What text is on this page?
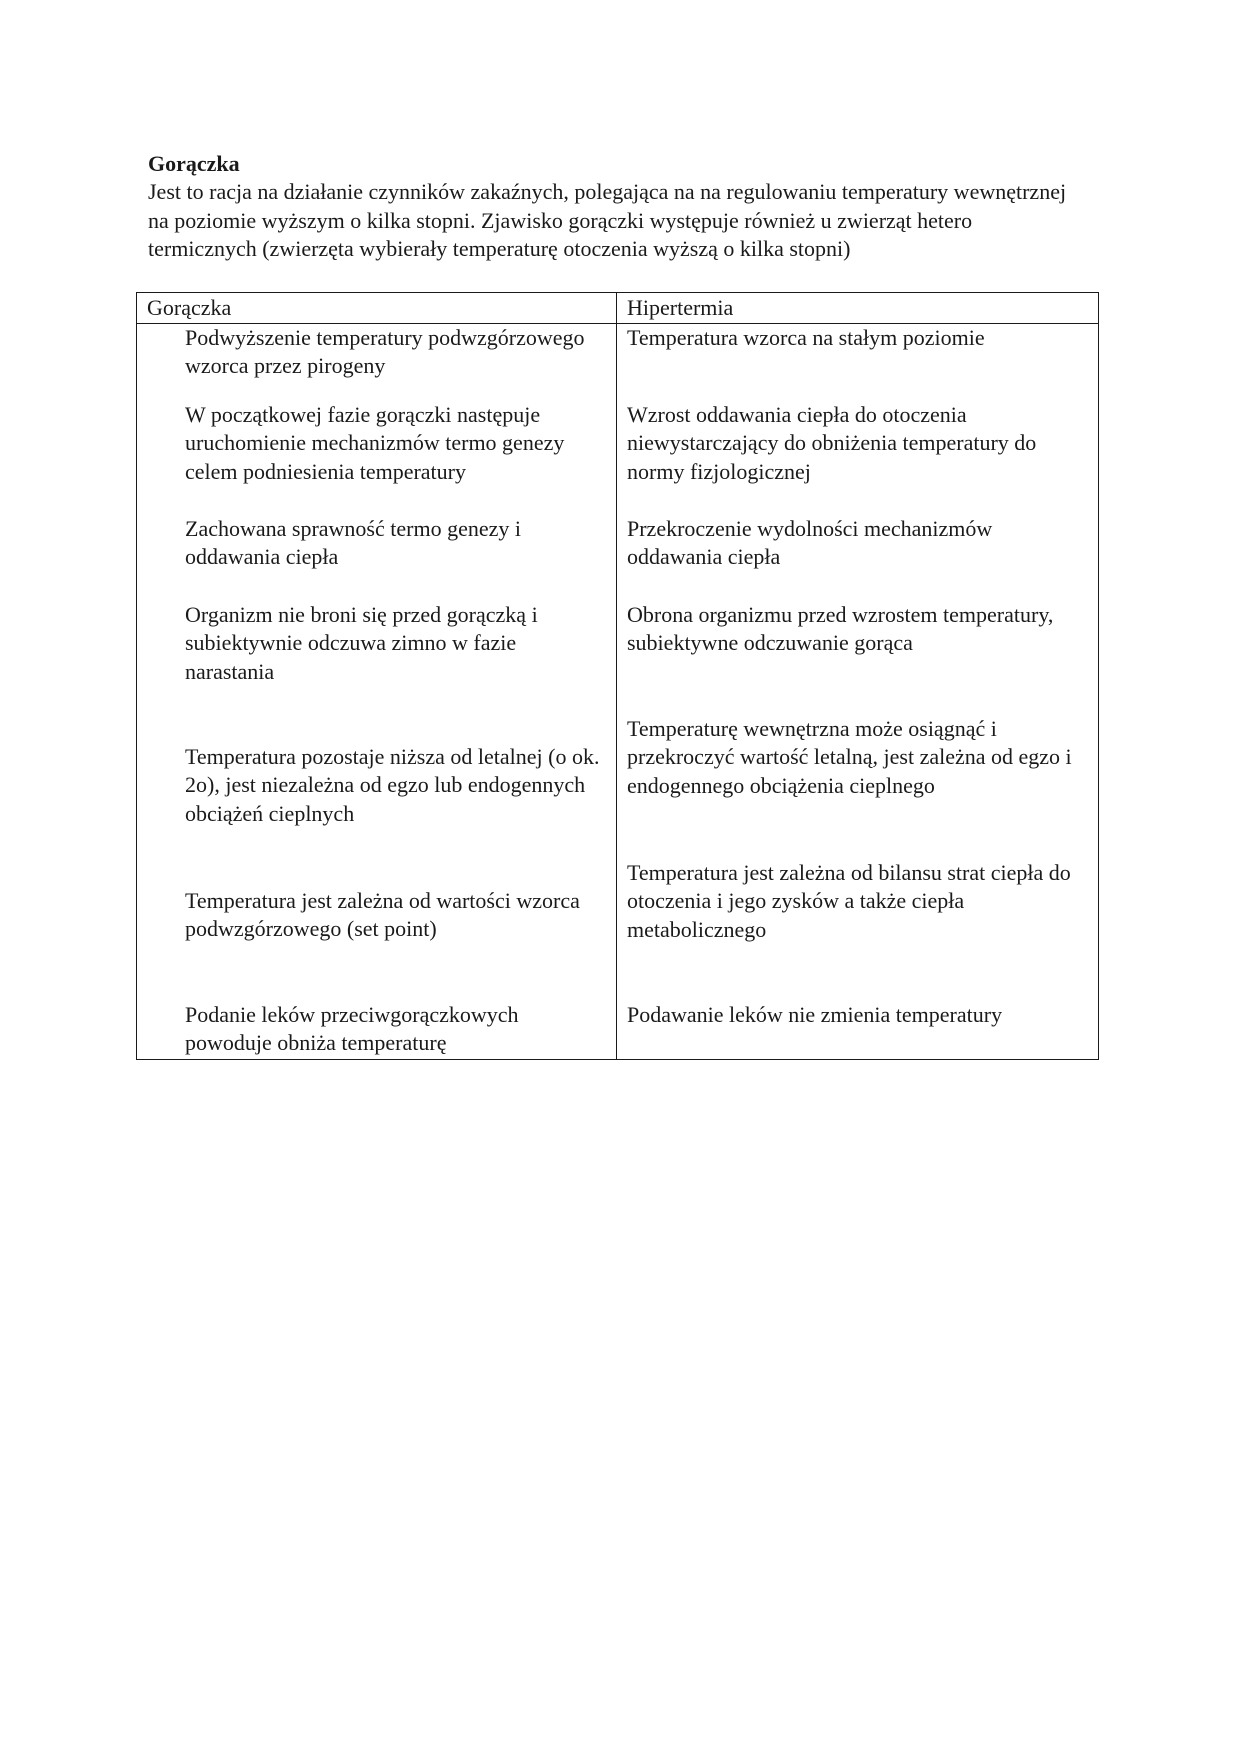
Gorączka

Jest to racja na działanie czynników zakaźnych, polegająca na na regulowaniu temperatury wewnętrznej na poziomie wyższym o kilka stopni. Zjawisko gorączki występuje również u zwierząt hetero termicznych (zwierzęta wybierały temperaturę otoczenia wyższą o kilka stopni)

Gorączka	Hipertermia

Podwyższenie temperatury podwzgórzowego wzorca przez pirogeny	Temperatura wzorca na stałym poziomie

W początkowej fazie gorączki następuje uruchomienie mechanizmów termo genezy celem podniesienia temperatury	Wzrost oddawania ciepła do otoczenia niewystarczający do obniżenia temperatury do normy fizjologicznej

Zachowana sprawność termo genezy i oddawania ciepła	Przekroczenie wydolności mechanizmów oddawania ciepła

Organizm nie broni się przed gorączką i subiektywnie odczuwa zimno w fazie narastania	Obrona organizmu przed wzrostem temperatury, subiektywne odczuwanie gorąca

Temperatura pozostaje niższa od letalnej (o ok. 2o), jest niezależna od egzo lub endogennych obciążeń cieplnych	Temperaturę wewnętrzna może osiągnąć i przekroczyć wartość letalną, jest zależna od egzo i endogennego obciążenia cieplnego

Temperatura jest zależna od wartości wzorca podwzgórzowego (set point)	Temperatura jest zależna od bilansu strat ciepła do otoczenia i jego zysków a także ciepła metabolicznego

Podanie leków przeciwgorączkowych powoduje obniża temperaturę	Podawanie leków nie zmienia temperatury
